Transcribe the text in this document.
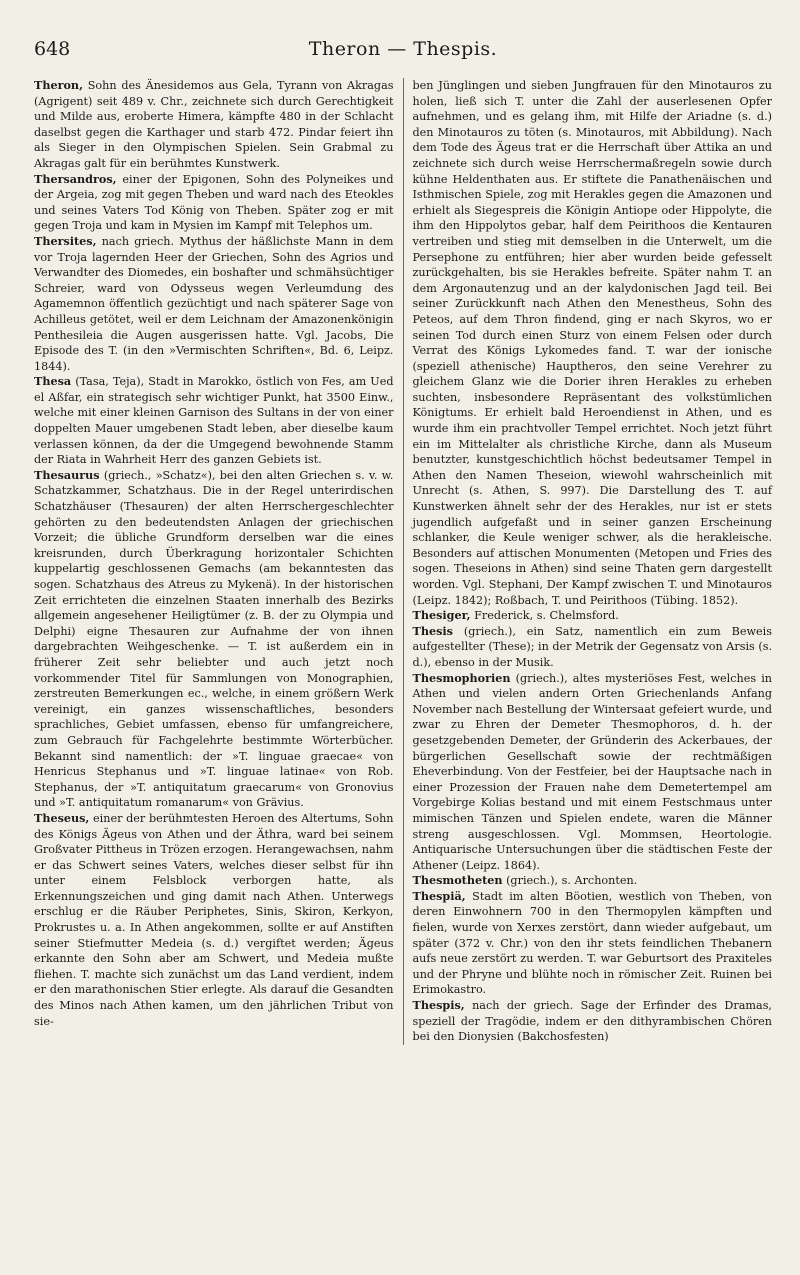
648	Theron — Thespis.

Theron, Sohn des Änesidemos aus Gela, Tyrann von Akragas (Agrigent) seit 489 v. Chr., zeichnete sich durch Gerechtigkeit und Milde aus, eroberte Himera, kämpfte 480 in der Schlacht daselbst gegen die Karthager und starb 472. Pindar feiert ihn als Sieger in den Olympischen Spielen. Sein Grabmal zu Akragas galt für ein berühmtes Kunstwerk.

Thersandros, einer der Epigonen, Sohn des Polyneikes und der Argeia, zog mit gegen Theben und ward nach des Eteokles und seines Vaters Tod König von Theben. Später zog er mit gegen Troja und kam in Mysien im Kampf mit Telephos um.

Thersites, nach griech. Mythus der häßlichste Mann in dem vor Troja lagernden Heer der Griechen, Sohn des Agrios und Verwandter des Diomedes, ein boshafter und schmähsüchtiger Schreier, ward von Odysseus wegen Verleumdung des Agamemnon öffentlich gezüchtigt und nach späterer Sage von Achilleus getötet, weil er dem Leichnam der Amazonenkönigin Penthesileia die Augen ausgerissen hatte. Vgl. Jacobs, Die Episode des T. (in den »Vermischten Schriften«, Bd. 6, Leipz. 1844).

Thesa (Tasa, Teja), Stadt in Marokko, östlich von Fes, am Ued el Aßfar, ein strategisch sehr wichtiger Punkt, hat 3500 Einw., welche mit einer kleinen Garnison des Sultans in der von einer doppelten Mauer umgebenen Stadt leben, aber dieselbe kaum verlassen können, da der die Umgegend bewohnende Stamm der Riata in Wahrheit Herr des ganzen Gebiets ist.

Thesaurus (griech., »Schatz«), bei den alten Griechen s. v. w. Schatzkammer, Schatzhaus. Die in der Regel unterirdischen Schatzhäuser (Thesauren) der alten Herrschergeschlechter gehörten zu den bedeutendsten Anlagen der griechischen Vorzeit; die übliche Grundform derselben war die eines kreisrunden, durch Überkragung horizontaler Schichten kuppelartig geschlossenen Gemachs (am bekanntesten das sogen. Schatzhaus des Atreus zu Mykenä). In der historischen Zeit errichteten die einzelnen Staaten innerhalb des Bezirks allgemein angesehener Heiligtümer (z. B. der zu Olympia und Delphi) eigne Thesauren zur Aufnahme der von ihnen dargebrachten Weihgeschenke. — T. ist außerdem ein in früherer Zeit sehr beliebter und auch jetzt noch vorkommender Titel für Sammlungen von Monographien, zerstreuten Bemerkungen ec., welche, in einem größern Werk vereinigt, ein ganzes wissenschaftliches, besonders sprachliches, Gebiet umfassen, ebenso für umfangreichere, zum Gebrauch für Fachgelehrte bestimmte Wörterbücher. Bekannt sind namentlich: der »T. linguae graecae« von Henricus Stephanus und »T. linguae latinae« von Rob. Stephanus, der »T. antiquitatum graecarum« von Gronovius und »T. antiquitatum romanarum« von Grävius.

Theseus, einer der berühmtesten Heroen des Altertums, Sohn des Königs Ägeus von Athen und der Äthra, ward bei seinem Großvater Pittheus in Trözen erzogen. Herangewachsen, nahm er das Schwert seines Vaters, welches dieser selbst für ihn unter einem Felsblock verborgen hatte, als Erkennungszeichen und ging damit nach Athen. Unterwegs erschlug er die Räuber Periphetes, Sinis, Skiron, Kerkyon, Prokrustes u. a. In Athen angekommen, sollte er auf Anstiften seiner Stiefmutter Medeia (s. d.) vergiftet werden; Ägeus erkannte den Sohn aber am Schwert, und Medeia mußte fliehen. T. machte sich zunächst um das Land verdient, indem er den marathonischen Stier erlegte. Als darauf die Gesandten des Minos nach Athen kamen, um den jährlichen Tribut von sie-

ben Jünglingen und sieben Jungfrauen für den Minotauros zu holen, ließ sich T. unter die Zahl der auserlesenen Opfer aufnehmen, und es gelang ihm, mit Hilfe der Ariadne (s. d.) den Minotauros zu töten (s. Minotauros, mit Abbildung). Nach dem Tode des Ägeus trat er die Herrschaft über Attika an und zeichnete sich durch weise Herrschermaßregeln sowie durch kühne Heldenthaten aus. Er stiftete die Panathenäischen und Isthmischen Spiele, zog mit Herakles gegen die Amazonen und erhielt als Siegespreis die Königin Antiope oder Hippolyte, die ihm den Hippolytos gebar, half dem Peirithoos die Kentauren vertreiben und stieg mit demselben in die Unterwelt, um die Persephone zu entführen; hier aber wurden beide gefesselt zurückgehalten, bis sie Herakles befreite. Später nahm T. an dem Argonautenzug und an der kalydonischen Jagd teil. Bei seiner Zurückkunft nach Athen den Menestheus, Sohn des Peteos, auf dem Thron findend, ging er nach Skyros, wo er seinen Tod durch einen Sturz von einem Felsen oder durch Verrat des Königs Lykomedes fand. T. war der ionische (speziell athenische) Hauptheros, den seine Verehrer zu gleichem Glanz wie die Dorier ihren Herakles zu erheben suchten, insbesondere Repräsentant des volkstümlichen Königtums. Er erhielt bald Heroendienst in Athen, und es wurde ihm ein prachtvoller Tempel errichtet. Noch jetzt führt ein im Mittelalter als christliche Kirche, dann als Museum benutzter, kunstgeschichtlich höchst bedeutsamer Tempel in Athen den Namen Theseion, wiewohl wahrscheinlich mit Unrecht (s. Athen, S. 997). Die Darstellung des T. auf Kunstwerken ähnelt sehr der des Herakles, nur ist er stets jugendlich aufgefaßt und in seiner ganzen Erscheinung schlanker, die Keule weniger schwer, als die herakleische. Besonders auf attischen Monumenten (Metopen und Fries des sogen. Theseions in Athen) sind seine Thaten gern dargestellt worden. Vgl. Stephani, Der Kampf zwischen T. und Minotauros (Leipz. 1842); Roßbach, T. und Peirithoos (Tübing. 1852).

Thesiger, Frederick, s. Chelmsford.

Thesis (griech.), ein Satz, namentlich ein zum Beweis aufgestellter (These); in der Metrik der Gegensatz von Arsis (s. d.), ebenso in der Musik.

Thesmophorien (griech.), altes mysteriöses Fest, welches in Athen und vielen andern Orten Griechenlands Anfang November nach Bestellung der Wintersaat gefeiert wurde, und zwar zu Ehren der Demeter Thesmophoros, d. h. der gesetzgebenden Demeter, der Gründerin des Ackerbaues, der bürgerlichen Gesellschaft sowie der rechtmäßigen Eheverbindung. Von der Festfeier, bei der Hauptsache nach in einer Prozession der Frauen nahe dem Demetertempel am Vorgebirge Kolias bestand und mit einem Festschmaus unter mimischen Tänzen und Spielen endete, waren die Männer streng ausgeschlossen. Vgl. Mommsen, Heortologie. Antiquarische Untersuchungen über die städtischen Feste der Athener (Leipz. 1864).

Thesmotheten (griech.), s. Archonten.

Thespiä, Stadt im alten Böotien, westlich von Theben, von deren Einwohnern 700 in den Thermopylen kämpften und fielen, wurde von Xerxes zerstört, dann wieder aufgebaut, um später (372 v. Chr.) von den ihr stets feindlichen Thebanern aufs neue zerstört zu werden. T. war Geburtsort des Praxiteles und der Phryne und blühte noch in römischer Zeit. Ruinen bei Erimokastro.

Thespis, nach der griech. Sage der Erfinder des Dramas, speziell der Tragödie, indem er den dithyrambischen Chören bei den Dionysien (Bakchosfesten)
